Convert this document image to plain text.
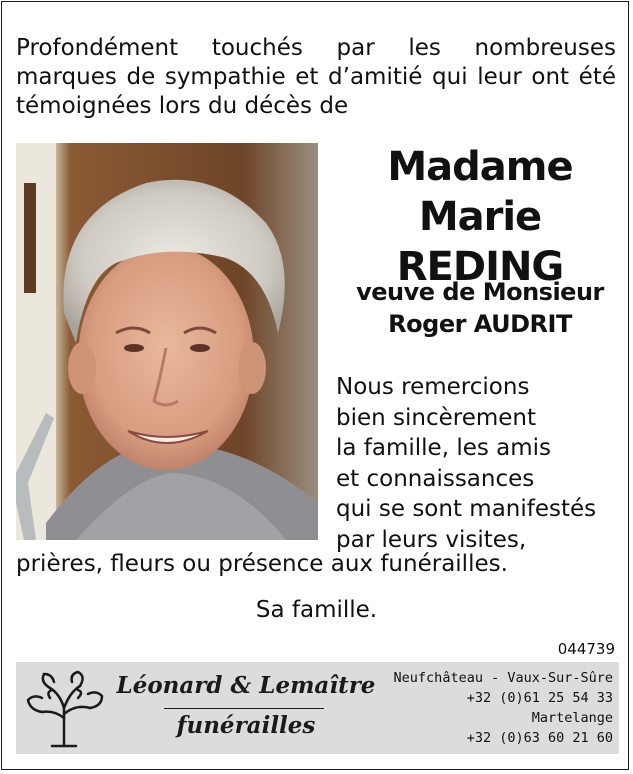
Profondément touchés par les nombreuses marques de sympathie et d’amitié qui leur ont été témoignées lors du décès de
Madame
Marie REDING
veuve de Monsieur
Roger AUDRIT
Nous remercions
bien sincèrement
la famille, les amis
et connaissances
qui se sont manifestés
par leurs visites,
prières, fleurs ou présence aux funérailles.
Sa famille.
044739
Léonard & Lemaître
funérailles
Neufchâteau - Vaux-Sur-Sûre
+32 (0)61 25 54 33
Martelange
+32 (0)63 60 21 60
